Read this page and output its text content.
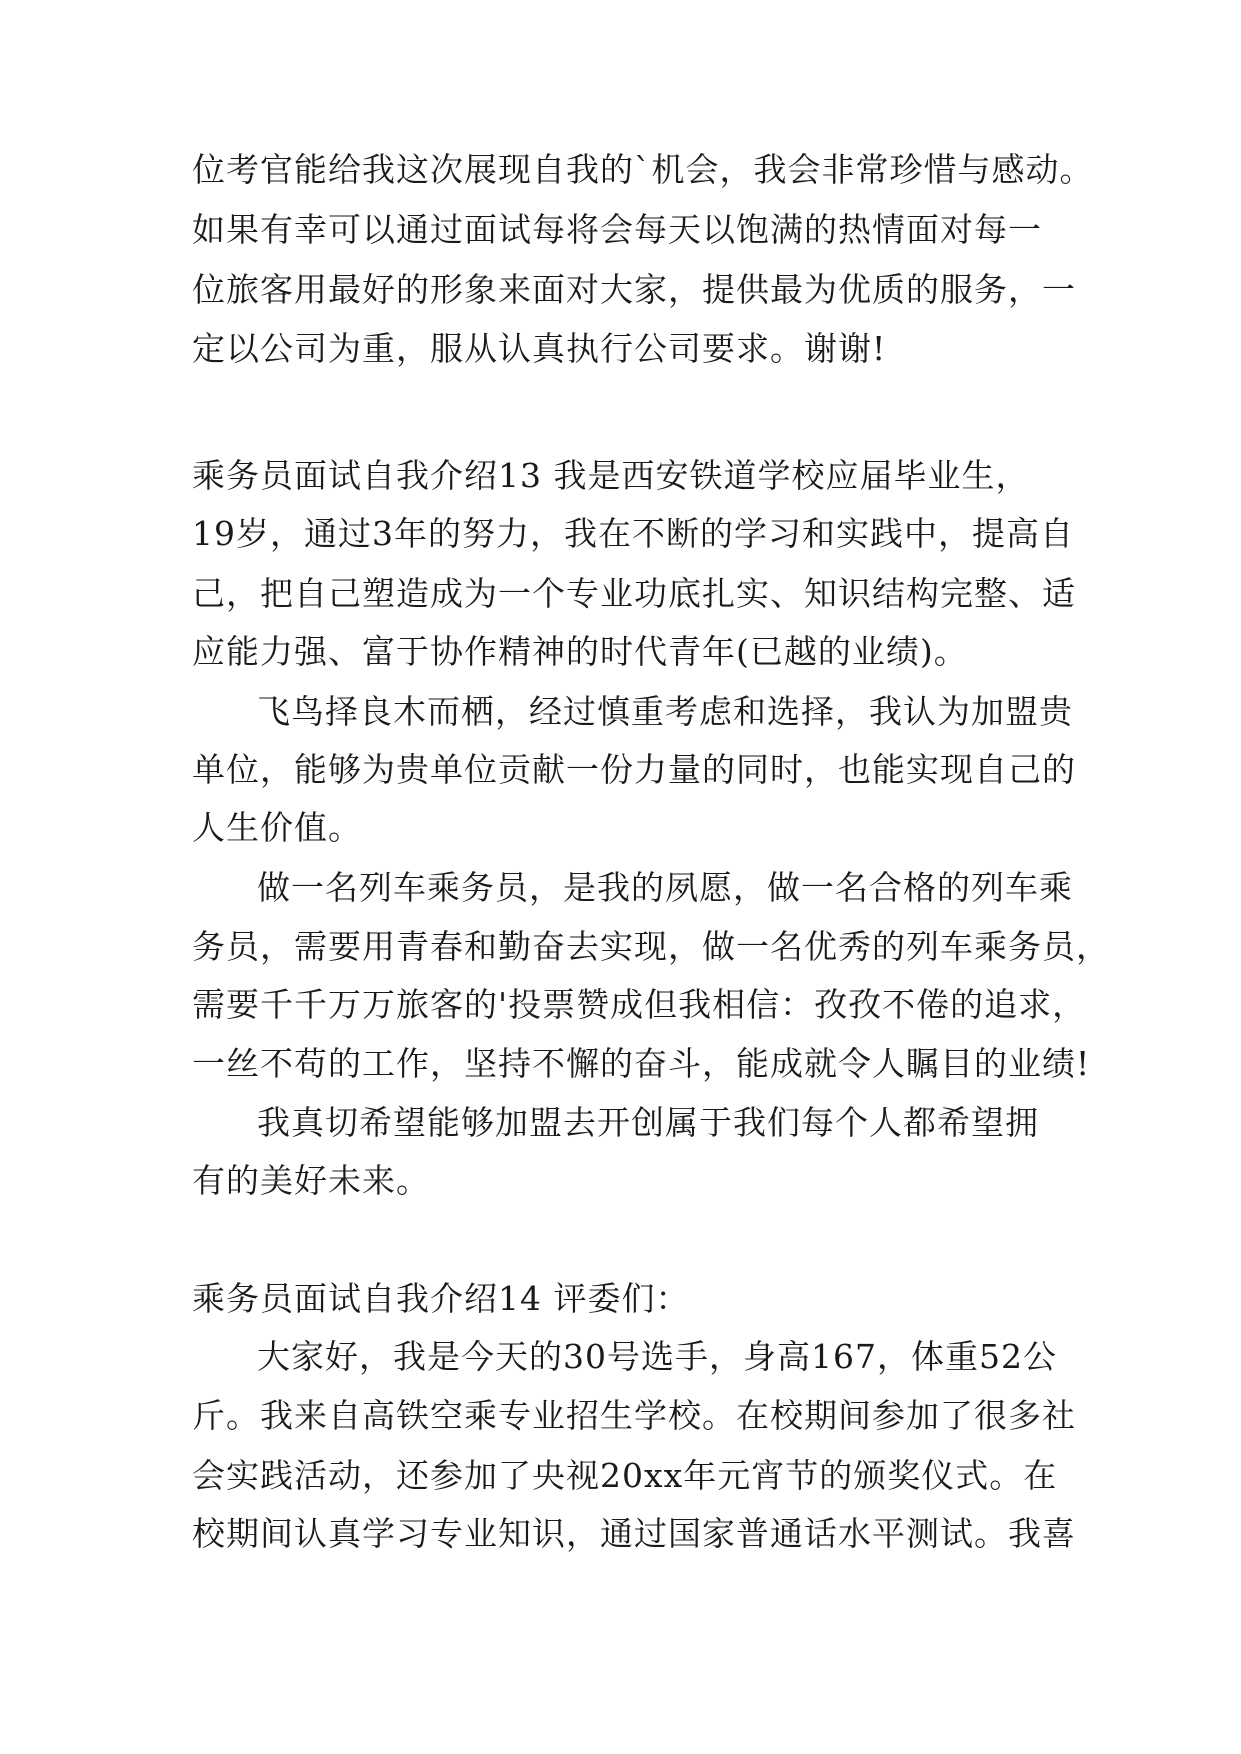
位考官能给我这次展现自我的`机会，我会非常珍惜与感动。
如果有幸可以通过面试每将会每天以饱满的热情面对每一
位旅客用最好的形象来面对大家，提供最为优质的服务，一
定以公司为重，服从认真执行公司要求。谢谢!
乘务员面试自我介绍13 我是西安铁道学校应届毕业生，
19岁，通过3年的努力，我在不断的学习和实践中，提高自
己，把自己塑造成为一个专业功底扎实、知识结构完整、适
应能力强、富于协作精神的时代青年(已越的业绩)。
飞鸟择良木而栖，经过慎重考虑和选择，我认为加盟贵
单位，能够为贵单位贡献一份力量的同时，也能实现自己的
人生价值。
做一名列车乘务员，是我的夙愿，做一名合格的列车乘
务员，需要用青春和勤奋去实现，做一名优秀的列车乘务员，
需要千千万万旅客的'投票赞成但我相信：孜孜不倦的追求，
一丝不苟的工作，坚持不懈的奋斗，能成就令人瞩目的业绩!
我真切希望能够加盟去开创属于我们每个人都希望拥
有的美好未来。
乘务员面试自我介绍14 评委们：
大家好，我是今天的30号选手，身高167，体重52公
斤。我来自高铁空乘专业招生学校。在校期间参加了很多社
会实践活动，还参加了央视20xx年元宵节的颁奖仪式。在
校期间认真学习专业知识，通过国家普通话水平测试。我喜
